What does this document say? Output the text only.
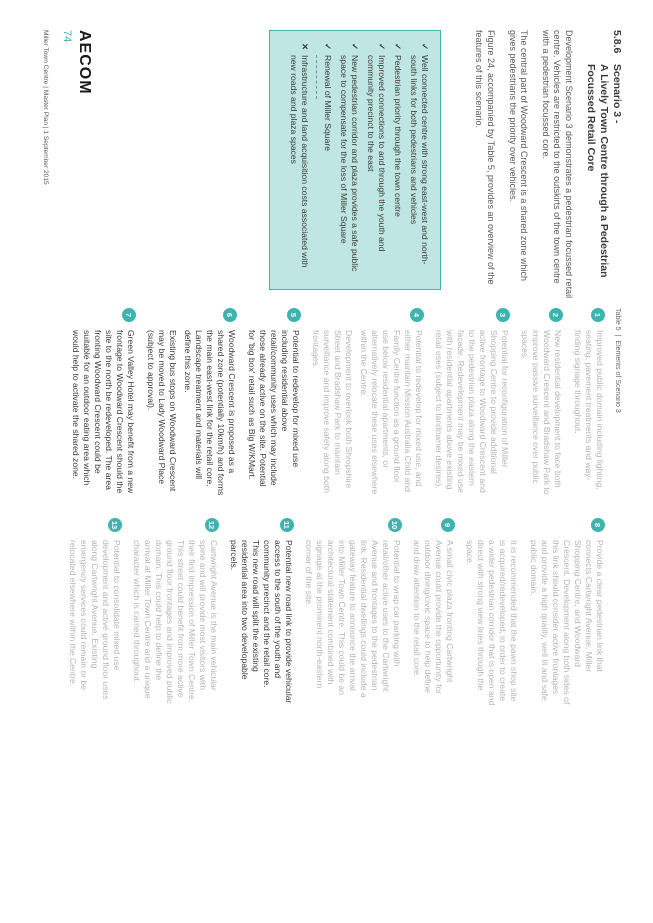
5.8.6
Scenario 3 -
A Lively Town Centre through a Pedestrian
Focussed Retail Core

Development Scenario 3 demonstrates a pedestrian focussed retail centre. Vehicles are restricted to the outskirts of the town centre with a pedestrian focussed core.

The central part of Woodward Crescent is a shared zone which gives pedestrians the priority over vehicles.

Figure 24, accompanied by Table 5, provides an overview of the features of this scenario.

✓
Well connected centre with strong east-west and north-south links for both pedestrians and vehicles
✓
Pedestrian priority through the town centre
✓
Improved connections to and through the youth and community precinct to the east
✓
New pedestrian corridor and plaza provides a safe public space to compensate for the loss of Miller Square
✓
Renewal of Miller Square
✕
Infrastructure and land acquisition costs associated with new roads and plaza spaces
AECOM
74
Miller Town Centre | Master Plan | 1 September 2015
Table 5|Elements of Scenario 3
1

Improved public domain including lighting, seating, pavement treatments and way-finding signage throughout.

2

New residential development to face both Woodward Crescent and Bradshaw Park to improve passive surveillance over public spaces.

3

Potential for reconfiguration of Miller Shopping Centre to provide additional active frontage to Woodward Crescent and to the pedestrian plaza along the eastern facade. Redevelopment may be mixed use with residential apartments above existing retail uses (subject to landowner desires).

4

Potential to redevelop for mixed use, and either maintain Mission Australia Child and Family Centre function as a ground floor use below residential apartments, or alternatively relocate these uses elsewhere within the Centre.

Development to overlook both Shropshire Street and Bradshaw Park to maintain surveillance and improve safety along both frontages.

5

Potential to redevelop for mixed use including residential above retail/community uses which may include those already active on the site. Potential for 'big box' retail such as Big W/KMart.

6

Woodward Crescent is proposed as a shared zone (potentially 10km/h) and forms the main east-west link for the retail core. Landscape treatment and materials will define this zone.

Existing bus stops on Woodward Crescent may be moved to Lady Woodward Place (subject to approval).

7

Green Valley Hotel may benefit from a new frontage to Woodward Crescent should the site to the north be redeveloped. The area fronting Woodward Crescent could be suitable for an outdoor eating area which would help to activate the shared zone.

8

Provide a clear pedestrian link that connects Cartwright Avenue, Miller Shopping Centre, and Woodward Crescent. Development along both sides of this link should consider active frontages and provide a high quality, well lit and safe public domain.

It is recommended that the pawn shop site is acquired/redeveloped, in order to create a wider pedestrian corridor that is open and direct with strong view lines through the space.

9

A small civic plaza fronting Cartwright Avenue could provide the opportunity for outdoor dining/civic space to help define and draw attention to the retail core.

10

Potential to wrap car parking with retail/other active uses to the Cartwright Avenue and frontages to the pedestrian link. Residential dwellings could include a gateway feature to announce the arrival into Miller Town Centre. This could be an architectural statement combined with signage at the prominent north-eastern corner of the site.

11

Potential new road link to provide vehicular access to the south of the youth and community precinct and the retail core. This new road will split the existing residential area into two developable parcels.

12

Cartwright Avenue is the main vehicular spine and will provide most visitors with their first impression of Miller Town Centre. This street could benefit from more active ground floor frontages and improved public domain. This could help to define the arrival at Miller Town Centre and a unique character which is carried throughout.

13

Potential to consolidate mixed use development and active ground floor uses along Cartwright Avenue. Existing emergency services could remain or be relocated elsewhere within the Centre.
